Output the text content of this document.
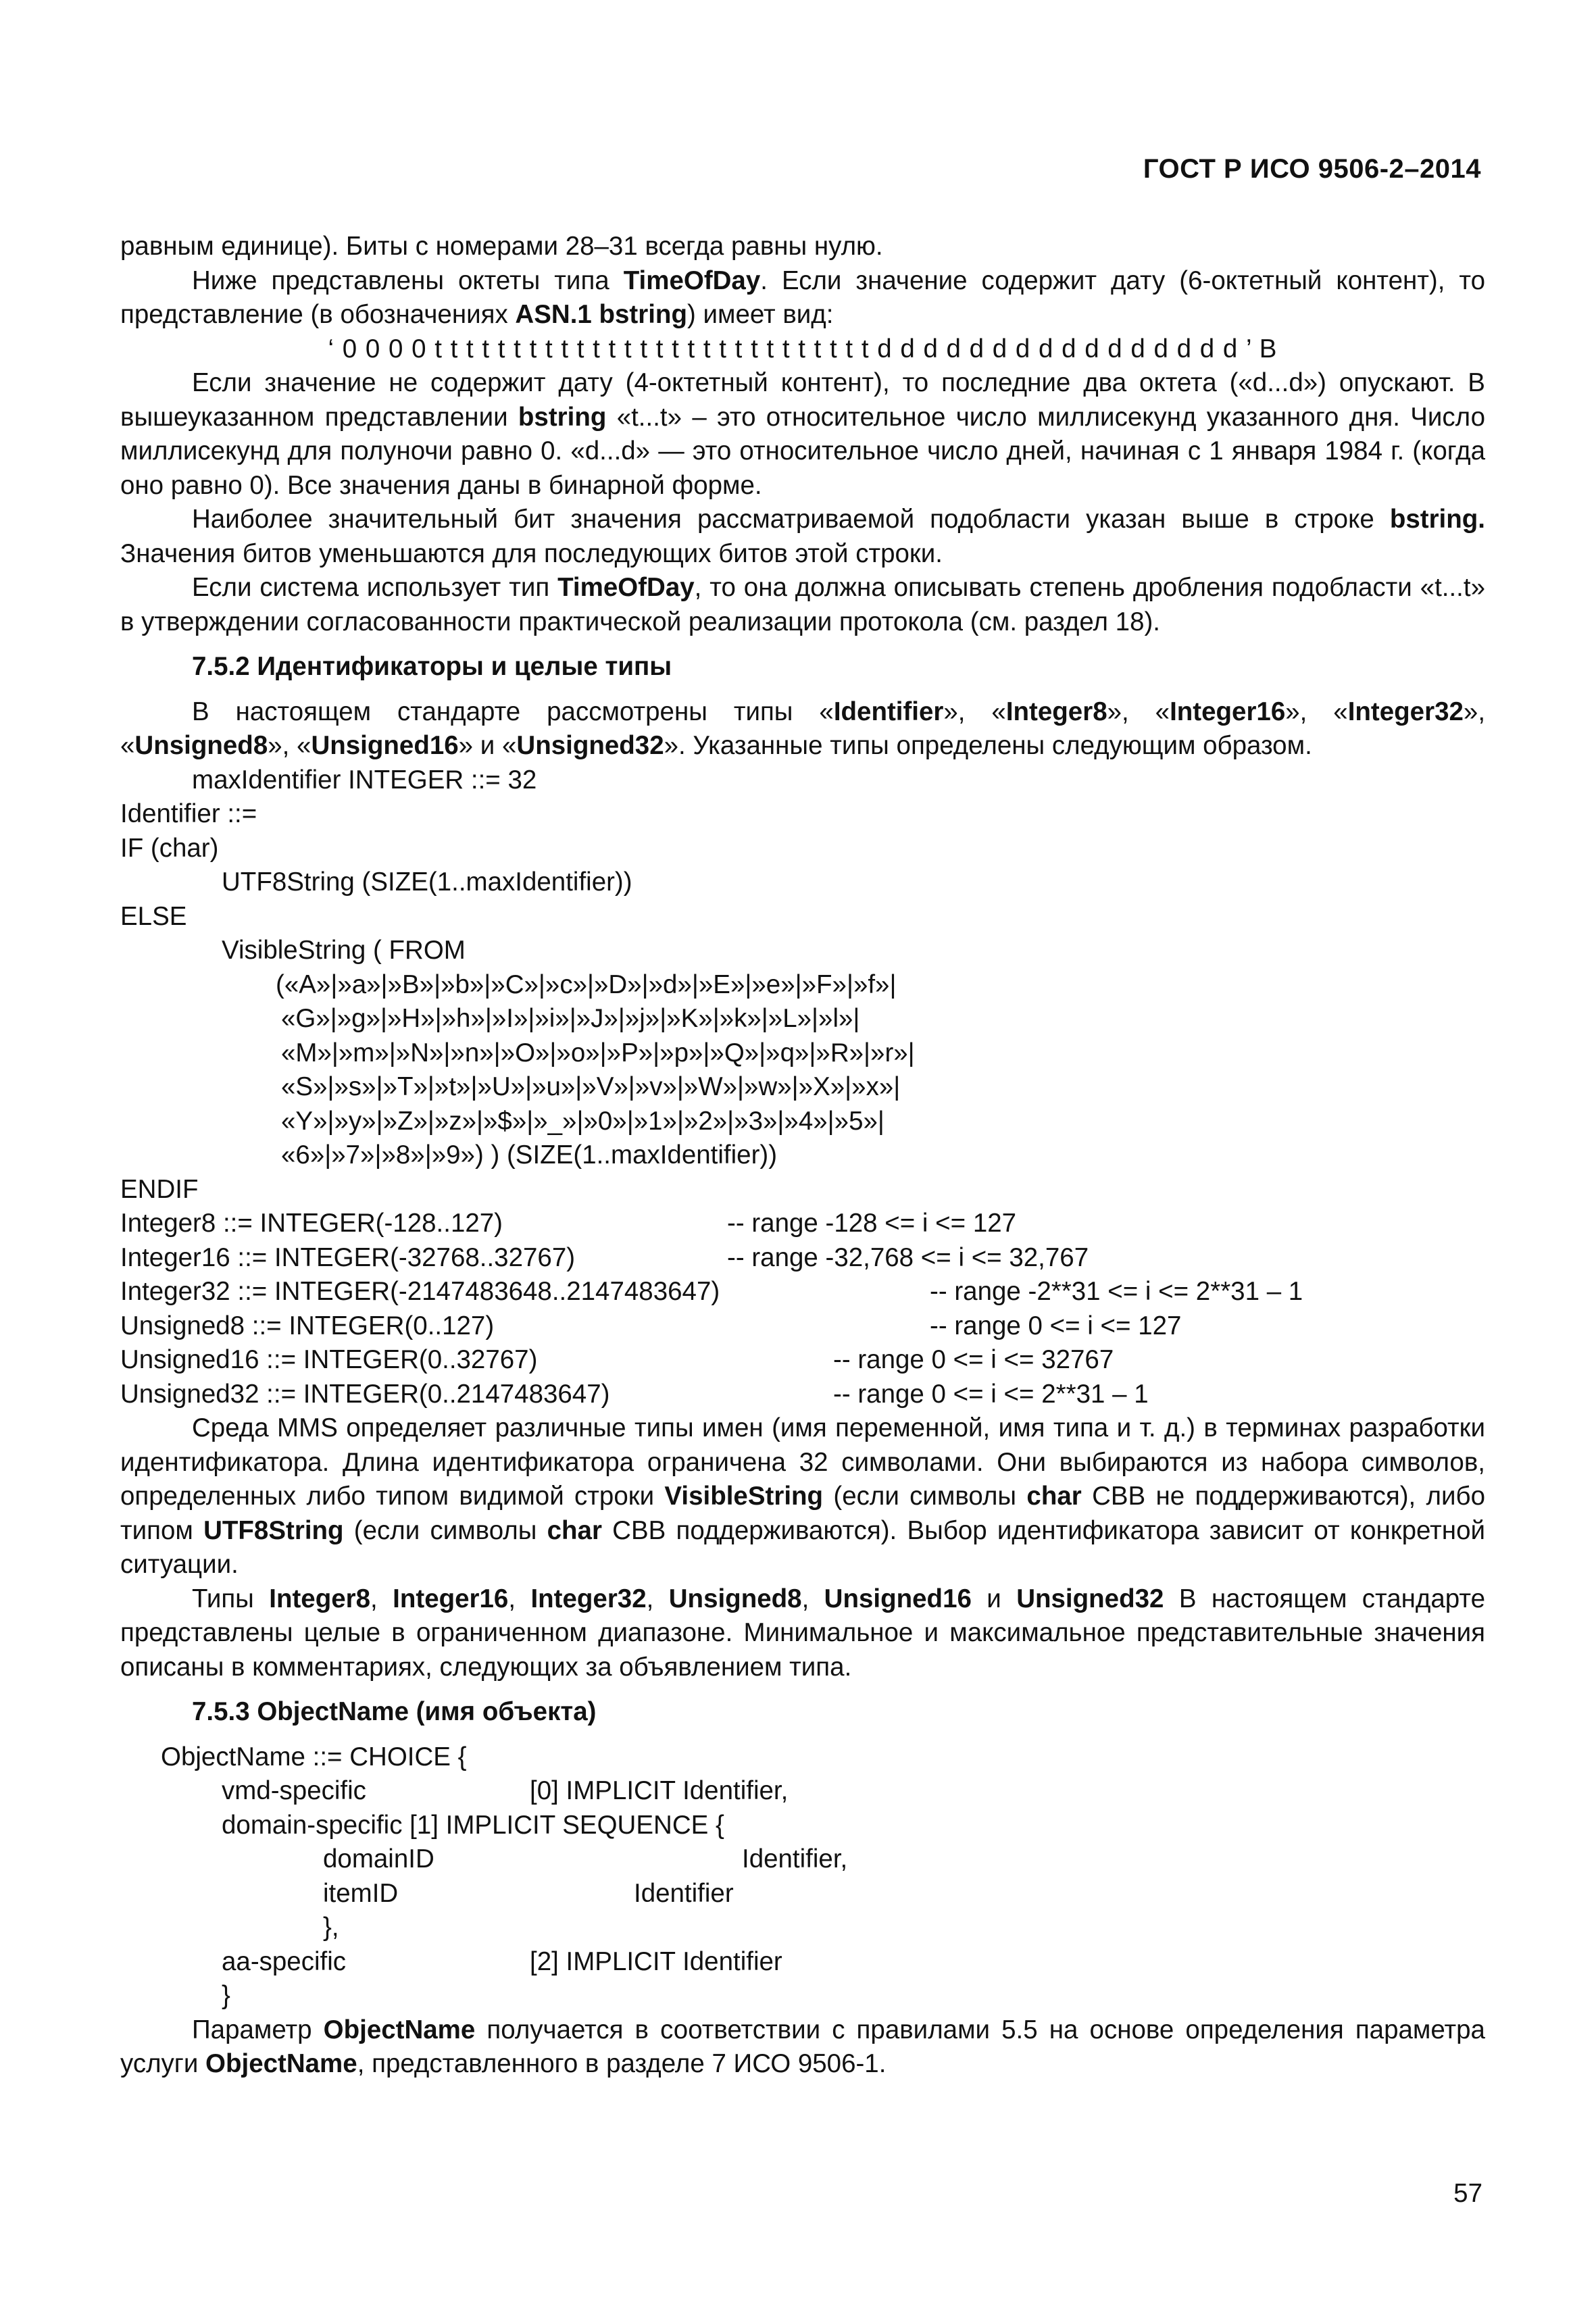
ГОСТ Р ИСО 9506-2–2014

равным единице). Биты с номерами 28–31 всегда равны нулю.

Ниже представлены октеты типа TimeOfDay. Если значение содержит дату (6-октетный контент), то представление (в обозначениях ASN.1 bstring) имеет вид:

‘ 0 0 0 0 t t t t t t t t t t t t t t t t t t t t t t t t t t t t d d d d d d d d d d d d d d d d ’ B

Если значение не содержит дату (4-октетный контент), то последние два октета («d...d») опускают. В вышеуказанном представлении bstring «t...t» – это относительное число миллисекунд указанного дня. Число миллисекунд для полуночи равно 0. «d...d» — это относительное число дней, начиная с 1 января 1984 г. (когда оно равно 0). Все значения даны в бинарной форме.

Наиболее значительный бит значения рассматриваемой подобласти указан выше в строке bstring. Значения битов уменьшаются для последующих битов этой строки.

Если система использует тип TimeOfDay, то она должна описывать степень дробления подобласти «t...t» в утверждении согласованности практической реализации протокола (см. раздел 18).

7.5.2 Идентификаторы и целые типы

В настоящем стандарте рассмотрены типы «Identifier», «Integer8», «Integer16», «Integer32», «Unsigned8», «Unsigned16» и «Unsigned32». Указанные типы определены следующим образом.

maxIdentifier INTEGER ::= 32

Identifier ::=

IF (char)

UTF8String (SIZE(1..maxIdentifier))

ELSE

VisibleString ( FROM

(«A»|»a»|»B»|»b»|»C»|»c»|»D»|»d»|»E»|»e»|»F»|»f»|

«G»|»g»|»H»|»h»|»I»|»i»|»J»|»j»|»K»|»k»|»L»|»l»|

«M»|»m»|»N»|»n»|»O»|»o»|»P»|»p»|»Q»|»q»|»R»|»r»|

«S»|»s»|»T»|»t»|»U»|»u»|»V»|»v»|»W»|»w»|»X»|»x»|

«Y»|»y»|»Z»|»z»|»$»|»_»|»0»|»1»|»2»|»3»|»4»|»5»|

«6»|»7»|»8»|»9») ) (SIZE(1..maxIdentifier))

ENDIF

Integer8 ::= INTEGER(-128..127)	-- range -128 <= i <= 127

Integer16 ::= INTEGER(-32768..32767)	-- range -32,768 <= i <= 32,767

Integer32 ::= INTEGER(-2147483648..2147483647)	-- range -2**31 <= i <= 2**31 – 1

Unsigned8 ::= INTEGER(0..127)	-- range 0 <= i <= 127

Unsigned16 ::= INTEGER(0..32767)	-- range 0 <= i <= 32767

Unsigned32 ::= INTEGER(0..2147483647)	-- range 0 <= i <= 2**31 – 1

Среда MMS определяет различные типы имен (имя переменной, имя типа и т. д.) в терминах разработки идентификатора. Длина идентификатора ограничена 32 символами. Они выбираются из набора символов, определенных либо типом видимой строки VisibleString (если символы char CBB не поддерживаются), либо типом UTF8String (если символы char CBB поддерживаются). Выбор идентификатора зависит от конкретной ситуации.

Типы Integer8, Integer16, Integer32, Unsigned8, Unsigned16 и Unsigned32 В настоящем стандарте представлены целые в ограниченном диапазоне. Минимальное и максимальное представительные значения описаны в комментариях, следующих за объявлением типа.

7.5.3 ObjectName (имя объекта)

ObjectName ::= CHOICE {

vmd-specific	[0] IMPLICIT Identifier,

domain-specific [1] IMPLICIT SEQUENCE {

domainID	Identifier,

itemID	Identifier

},

aa-specific	[2] IMPLICIT Identifier

}

Параметр ObjectName получается в соответствии с правилами 5.5 на основе определения параметра услуги ObjectName, представленного в разделе 7 ИСО 9506-1.

57
